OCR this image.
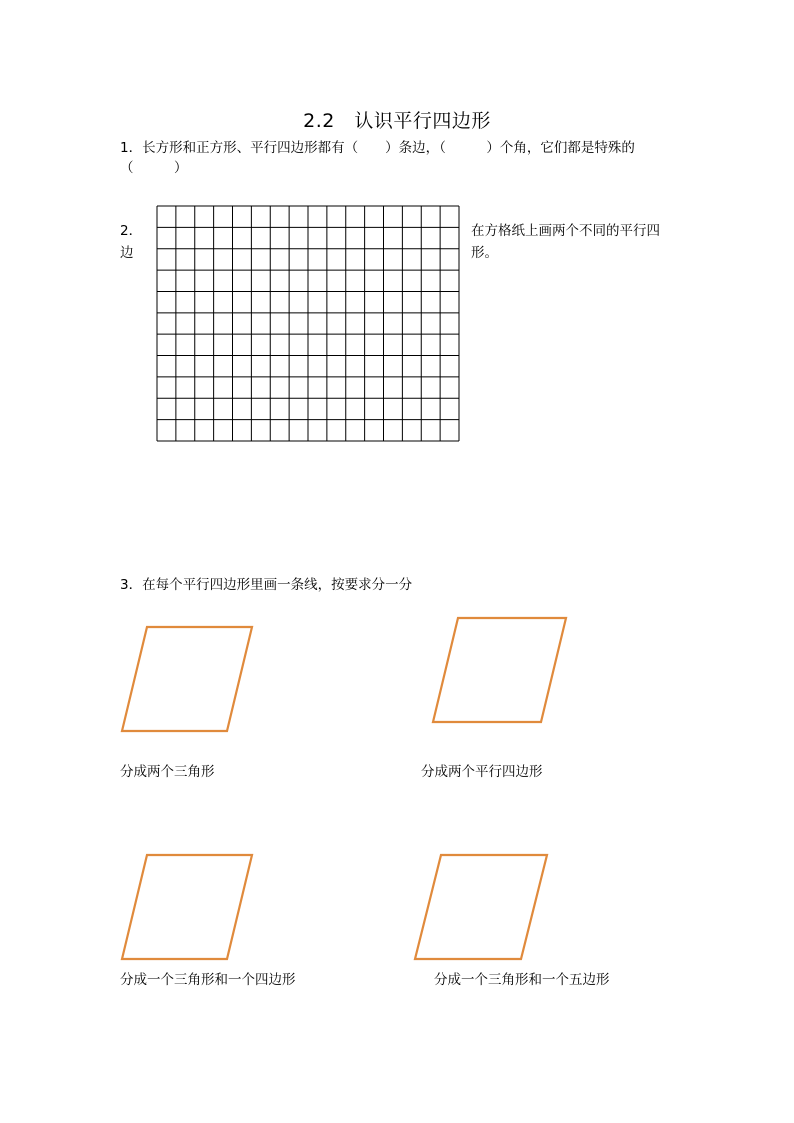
2.2　认识平行四边形
1．长方形和正方形、平行四边形都有（　　）条边，（　　　）个角，它们都是特殊的
（　　　）
2．
边
在方格纸上画两个不同的平行四
形。
3．在每个平行四边形里画一条线，按要求分一分
分成两个三角形	分成两个平行四边形
分成一个三角形和一个四边形	分成一个三角形和一个五边形
